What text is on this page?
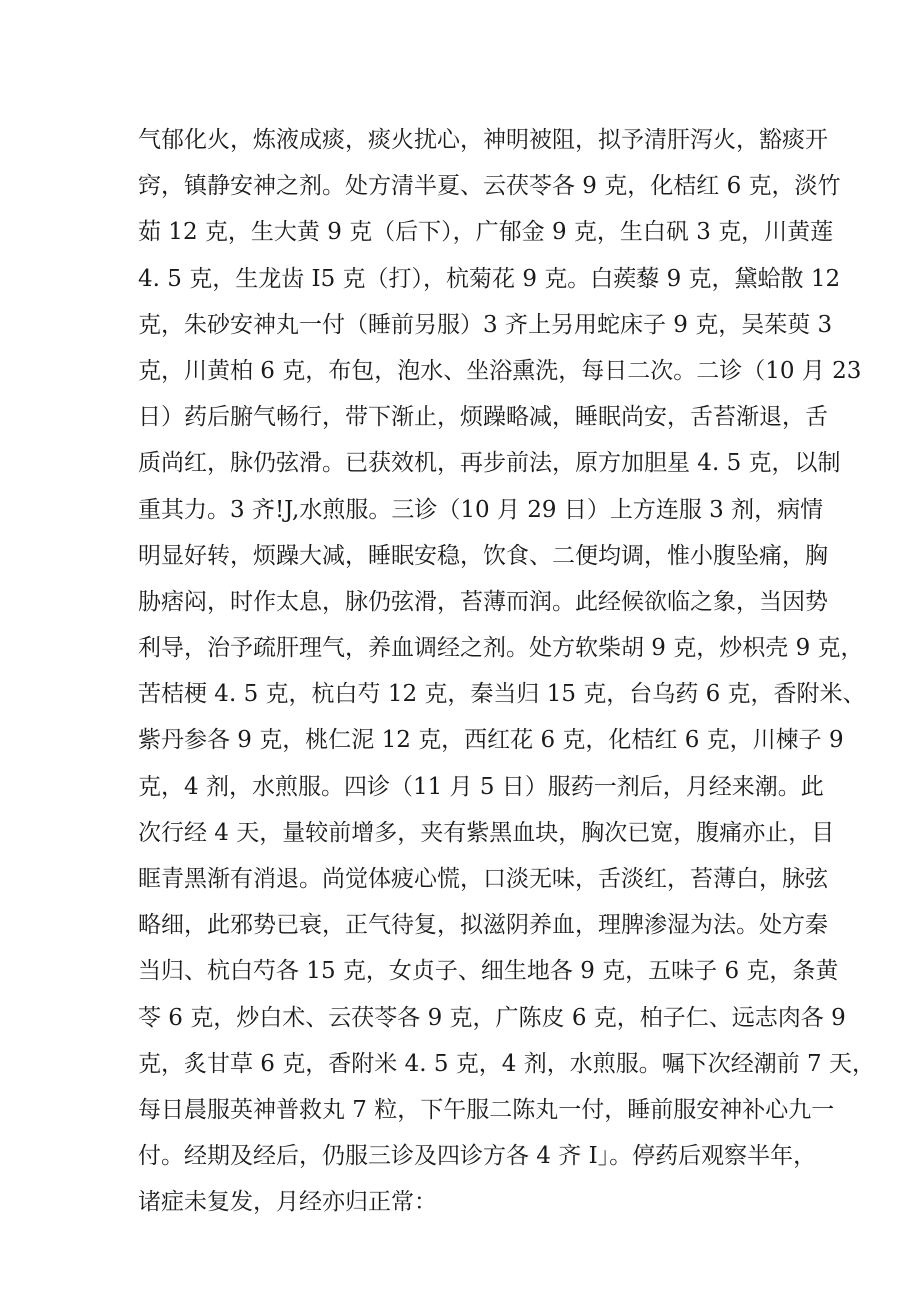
气郁化火，炼液成痰，痰火扰心，神明被阻，拟予清肝泻火，豁痰开
窍，镇静安神之剂。处方清半夏、云茯苓各 9 克，化桔红 6 克，淡竹
茹 12 克，生大黄 9 克（后下），广郁金 9 克，生白矾 3 克，川黄莲
4. 5 克，生龙齿 I5 克（打），杭菊花 9 克。白蒺藜 9 克，黛蛤散 12
克，朱砂安神丸一付（睡前另服）3 齐上另用蛇床子 9 克，吴茱萸 3
克，川黄柏 6 克，布包，泡水、坐浴熏洗，每日二次。二诊（10 月 23
日）药后腑气畅行，带下渐止，烦躁略减，睡眠尚安，舌苔渐退，舌
质尚红，脉仍弦滑。已获效机，再步前法，原方加胆星 4. 5 克，以制
重其力。3 齐!J,水煎服。三诊（10 月 29 日）上方连服 3 剂，病情
明显好转，烦躁大减，睡眠安稳，饮食、二便均调，惟小腹坠痛，胸
胁痞闷，时作太息，脉仍弦滑，苔薄而润。此经候欲临之象，当因势
利导，治予疏肝理气，养血调经之剂。处方软柴胡 9 克，炒枳壳 9 克，
苦桔梗 4. 5 克，杭白芍 12 克，秦当归 15 克，台乌药 6 克，香附米、
紫丹参各 9 克，桃仁泥 12 克，西红花 6 克，化桔红 6 克，川楝子 9
克，4 剂，水煎服。四诊（11 月 5 日）服药一剂后，月经来潮。此
次行经 4 天，量较前增多，夹有紫黑血块，胸次已宽，腹痛亦止，目
眶青黑渐有消退。尚觉体疲心慌，口淡无味，舌淡红，苔薄白，脉弦
略细，此邪势已衰，正气待复，拟滋阴养血，理脾渗湿为法。处方秦
当归、杭白芍各 15 克，女贞子、细生地各 9 克，五味子 6 克，条黄
苓 6 克，炒白术、云茯苓各 9 克，广陈皮 6 克，柏子仁、远志肉各 9
克，炙甘草 6 克，香附米 4. 5 克，4 剂，水煎服。嘱下次经潮前 7 天，
每日晨服英神普救丸 7 粒，下午服二陈丸一付，睡前服安神补心九一
付。经期及经后，仍服三诊及四诊方各 4 齐 I」。停药后观察半年，
诸症未复发，月经亦归正常：
